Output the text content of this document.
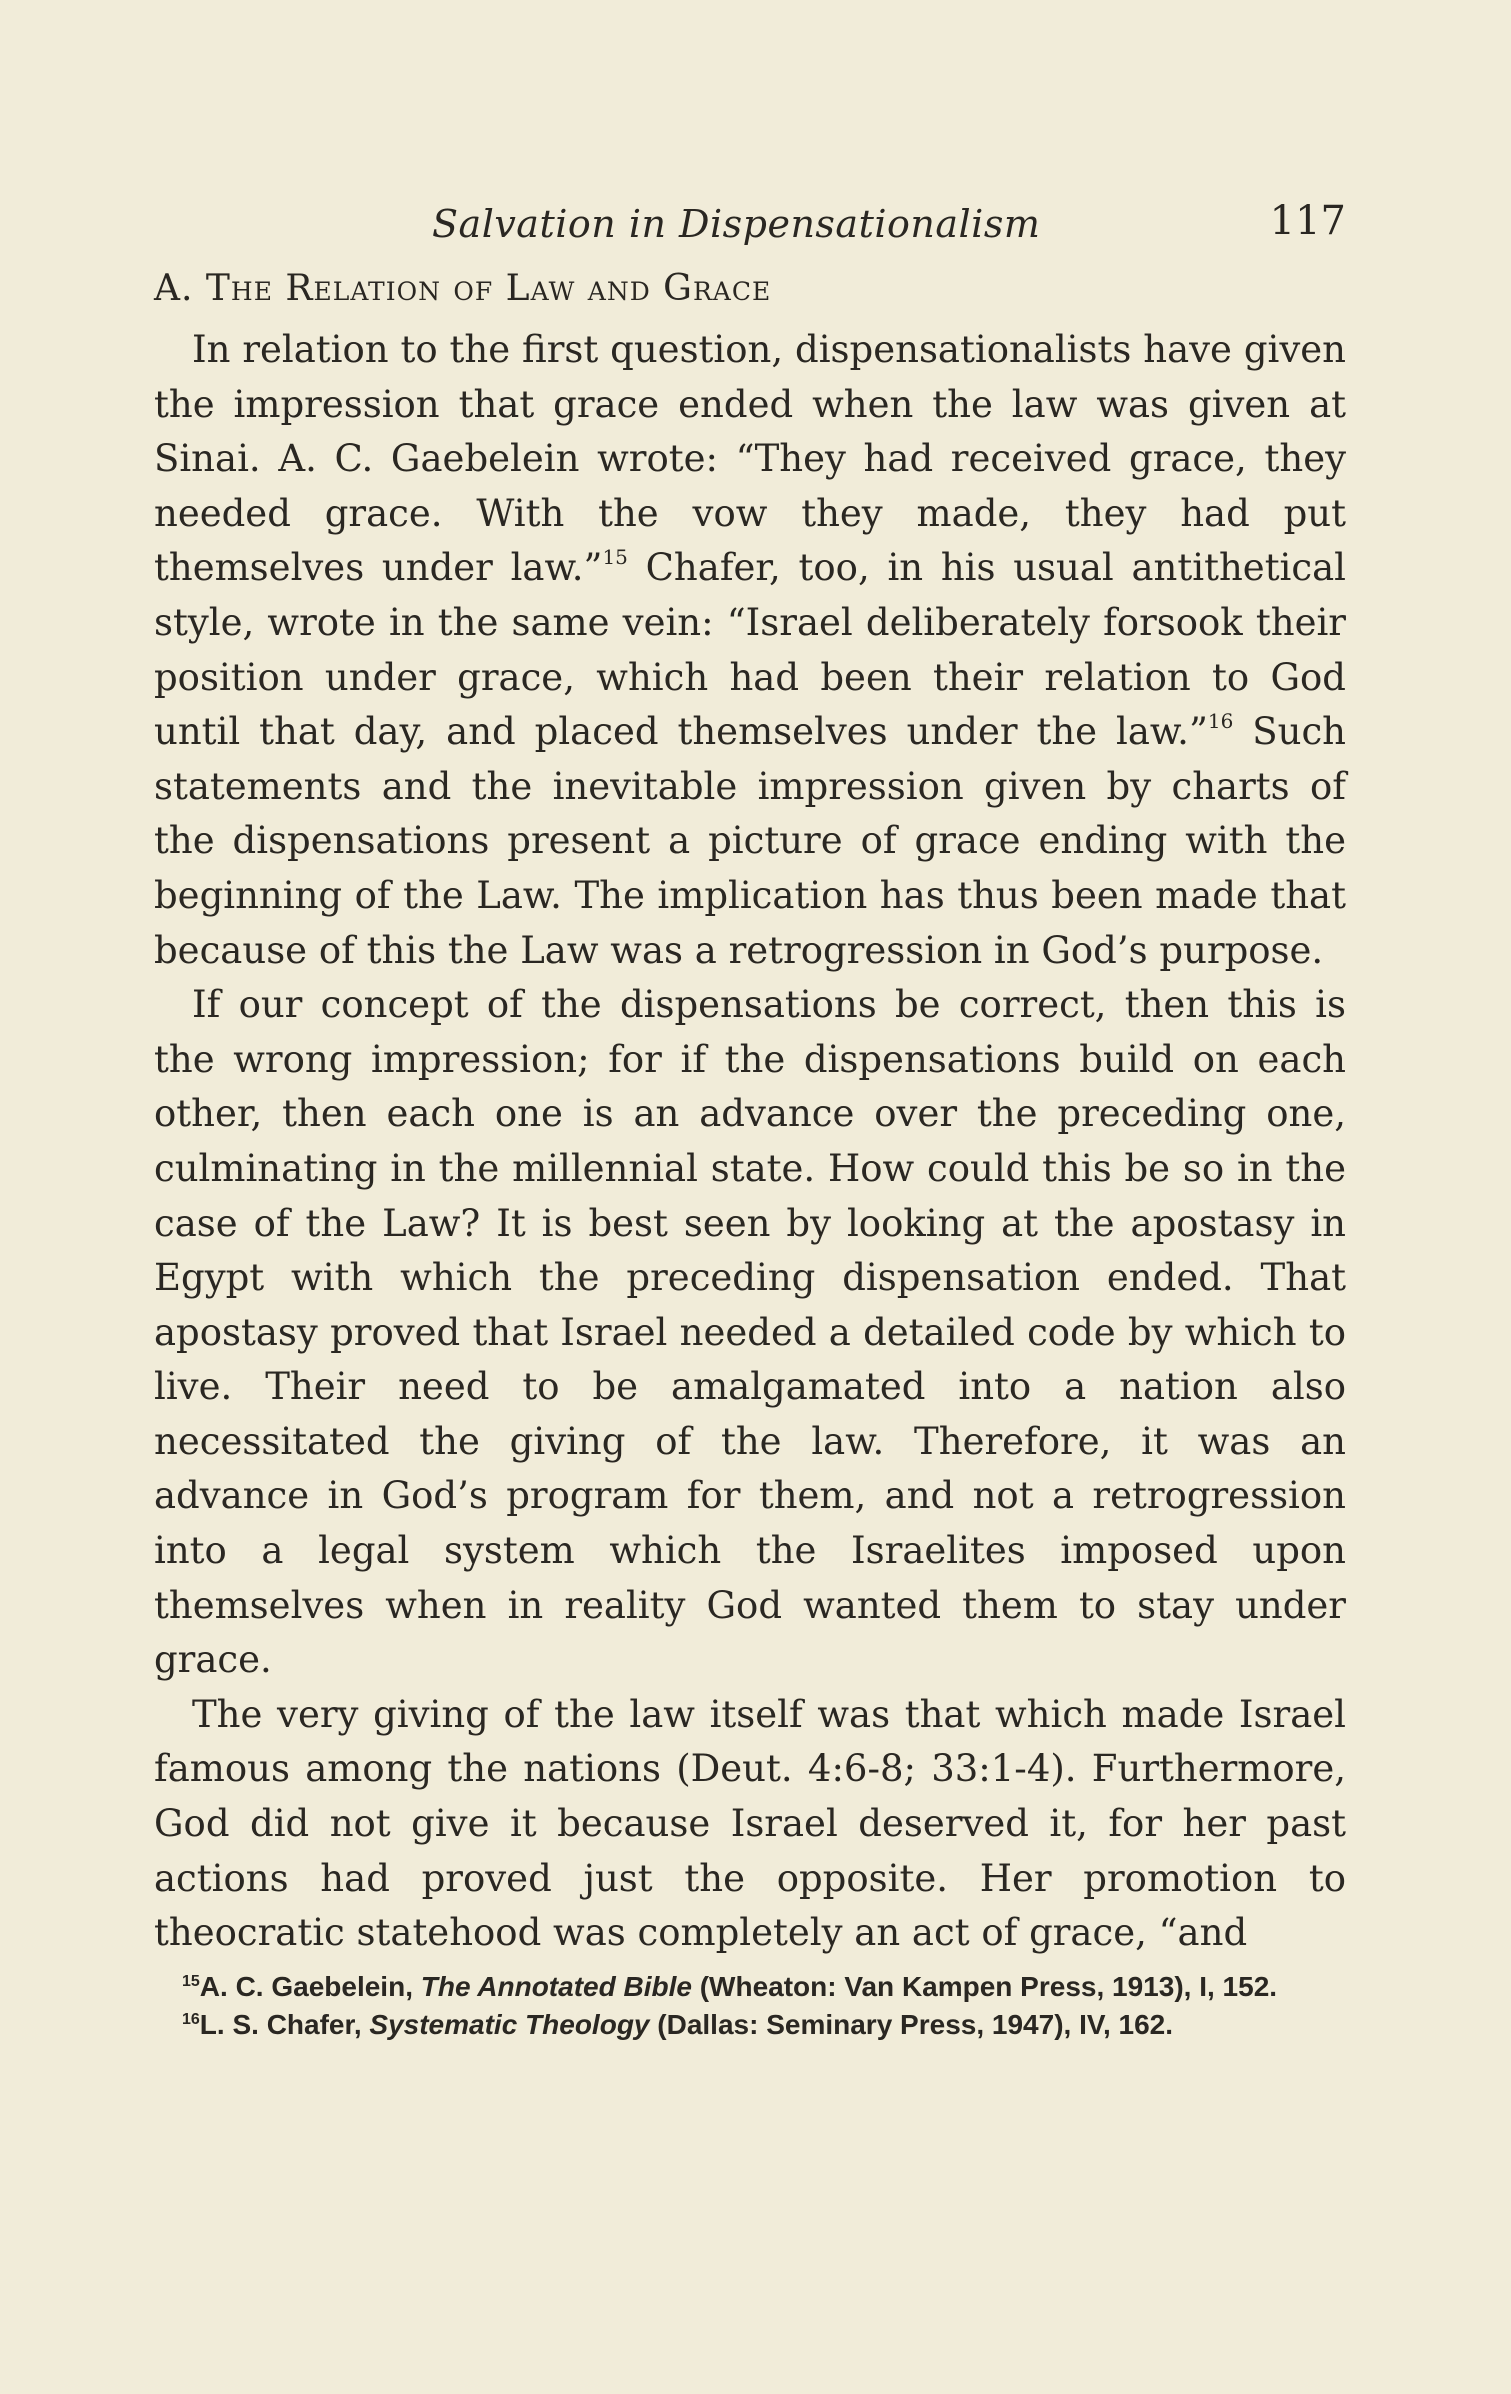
Salvation in Dispensationalism	117
A. The Relation of Law and Grace

In relation to the first question, dispensationalists have given the impression that grace ended when the law was given at Sinai. A. C. Gaebelein wrote: “They had received grace, they needed grace. With the vow they made, they had put themselves under law.”$^{15}$ Chafer, too, in his usual antithetical style, wrote in the same vein: “Israel deliberately forsook their position under grace, which had been their relation to God until that day, and placed themselves under the law.”$^{16}$ Such statements and the inevitable impression given by charts of the dispensations present a picture of grace ending with the beginning of the Law. The implication has thus been made that because of this the Law was a retrogression in God’s purpose.

If our concept of the dispensations be correct, then this is the wrong impression; for if the dispensations build on each other, then each one is an advance over the preceding one, culminating in the millennial state. How could this be so in the case of the Law? It is best seen by looking at the apostasy in Egypt with which the preceding dispensation ended. That apostasy proved that Israel needed a detailed code by which to live. Their need to be amalgamated into a nation also necessitated the giving of the law. Therefore, it was an advance in God’s program for them, and not a retrogression into a legal system which the Israelites imposed upon themselves when in reality God wanted them to stay under grace.

The very giving of the law itself was that which made Israel famous among the nations (Deut. 4:6-8; 33:1-4). Furthermore, God did not give it because Israel deserved it, for her past actions had proved just the opposite. Her promotion to theocratic statehood was completely an act of grace, “and

$^{15}$A. C. Gaebelein, The Annotated Bible (Wheaton: Van Kampen Press, 1913), I, 152.
$^{16}$L. S. Chafer, Systematic Theology (Dallas: Seminary Press, 1947), IV, 162.
